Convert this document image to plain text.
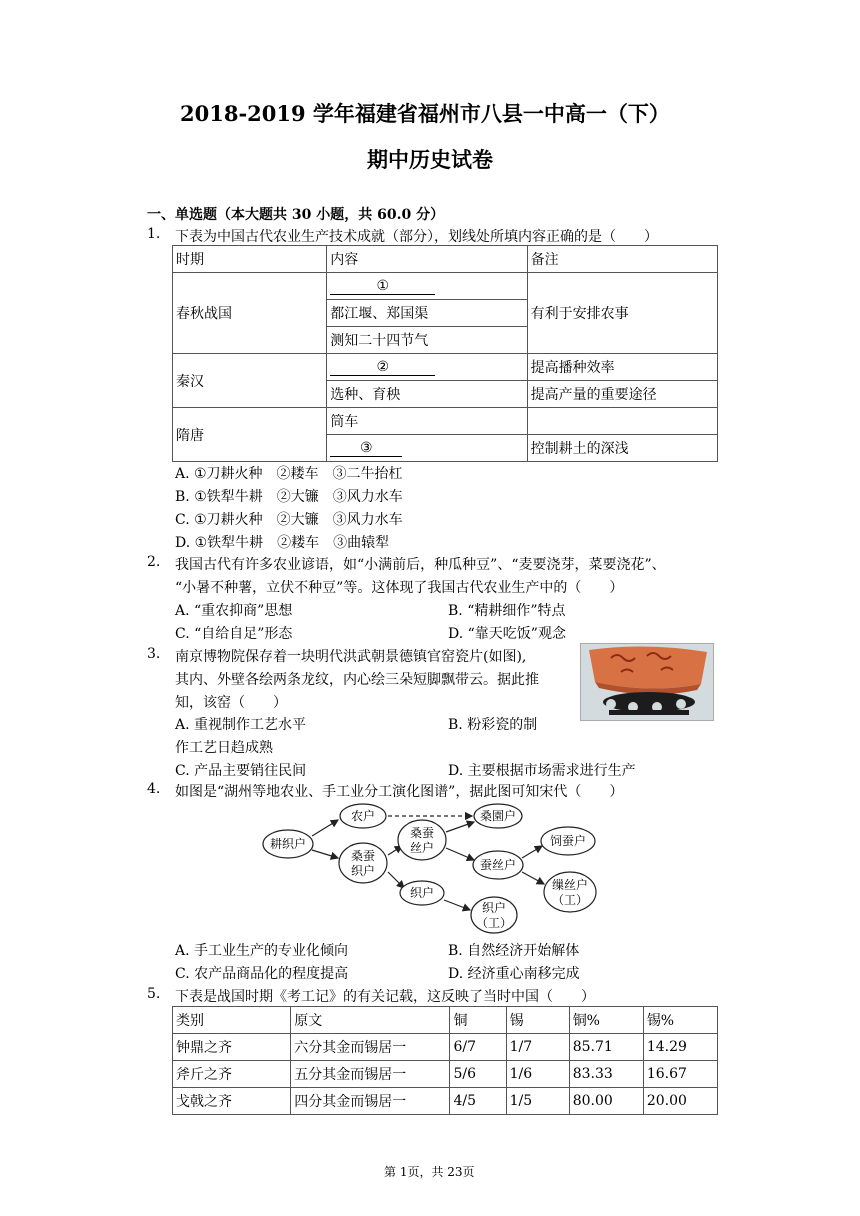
2018-2019 学年福建省福州市八县一中高一（下）
期中历史试卷
一、单选题（本大题共 30 小题，共 60.0 分）
1. 下表为中国古代农业生产技术成就（部分），划线处所填内容正确的是（　　）
时期	内容	备注
春秋战国	①	有利于安排农事
	都江堰、郑国渠	
	测知二十四节气	
秦汉	②	提高播种效率
	选种、育秧	提高产量的重要途径
隋唐	筒车	
	③	控制耕土的深浅
A. ①刀耕火种　②耧车　③二牛抬杠
B. ①铁犁牛耕　②大镰　③风力水车
C. ①刀耕火种　②大镰　③风力水车
D. ①铁犁牛耕　②耧车　③曲辕犁
2. 我国古代有许多农业谚语，如“小满前后，种瓜种豆”、“麦要浇芽，菜要浇花”、
“小暑不种薯，立伏不种豆”等。这体现了我国古代农业生产中的（　　）
A. “重农抑商”思想	B. “精耕细作”特点
C. “自给自足”形态	D. “靠天吃饭”观念
3. 南京博物院保存着一块明代洪武朝景德镇官窑瓷片(如图),
其内、外壁各绘两条龙纹，内心绘三朵短脚飘带云。据此推
知，该窑（　　）
A. 重视制作工艺水平	B. 粉彩瓷的制
作工艺日趋成熟
C. 产品主要销往民间	D. 主要根据市场需求进行生产
4. 如图是“湖州等地农业、手工业分工演化图谱”，据此图可知宋代（　　）
耕织户
农户
桑蚕
织户
桑蚕
丝户
桑園户
蚕丝户
饲蚕户
织户
织户
（工）
缫丝户
（工）
A. 手工业生产的专业化倾向	B. 自然经济开始解体
C. 农产品商品化的程度提高	D. 经济重心南移完成
5. 下表是战国时期《考工记》的有关记载，这反映了当时中国（　　）
类别	原文	铜	锡	铜%	锡%
钟鼎之齐	六分其金而锡居一	6/7	1/7	85.71	14.29
斧斤之齐	五分其金而锡居一	5/6	1/6	83.33	16.67
戈戟之齐	四分其金而锡居一	4/5	1/5	80.00	20.00
第 1页，共 23页
